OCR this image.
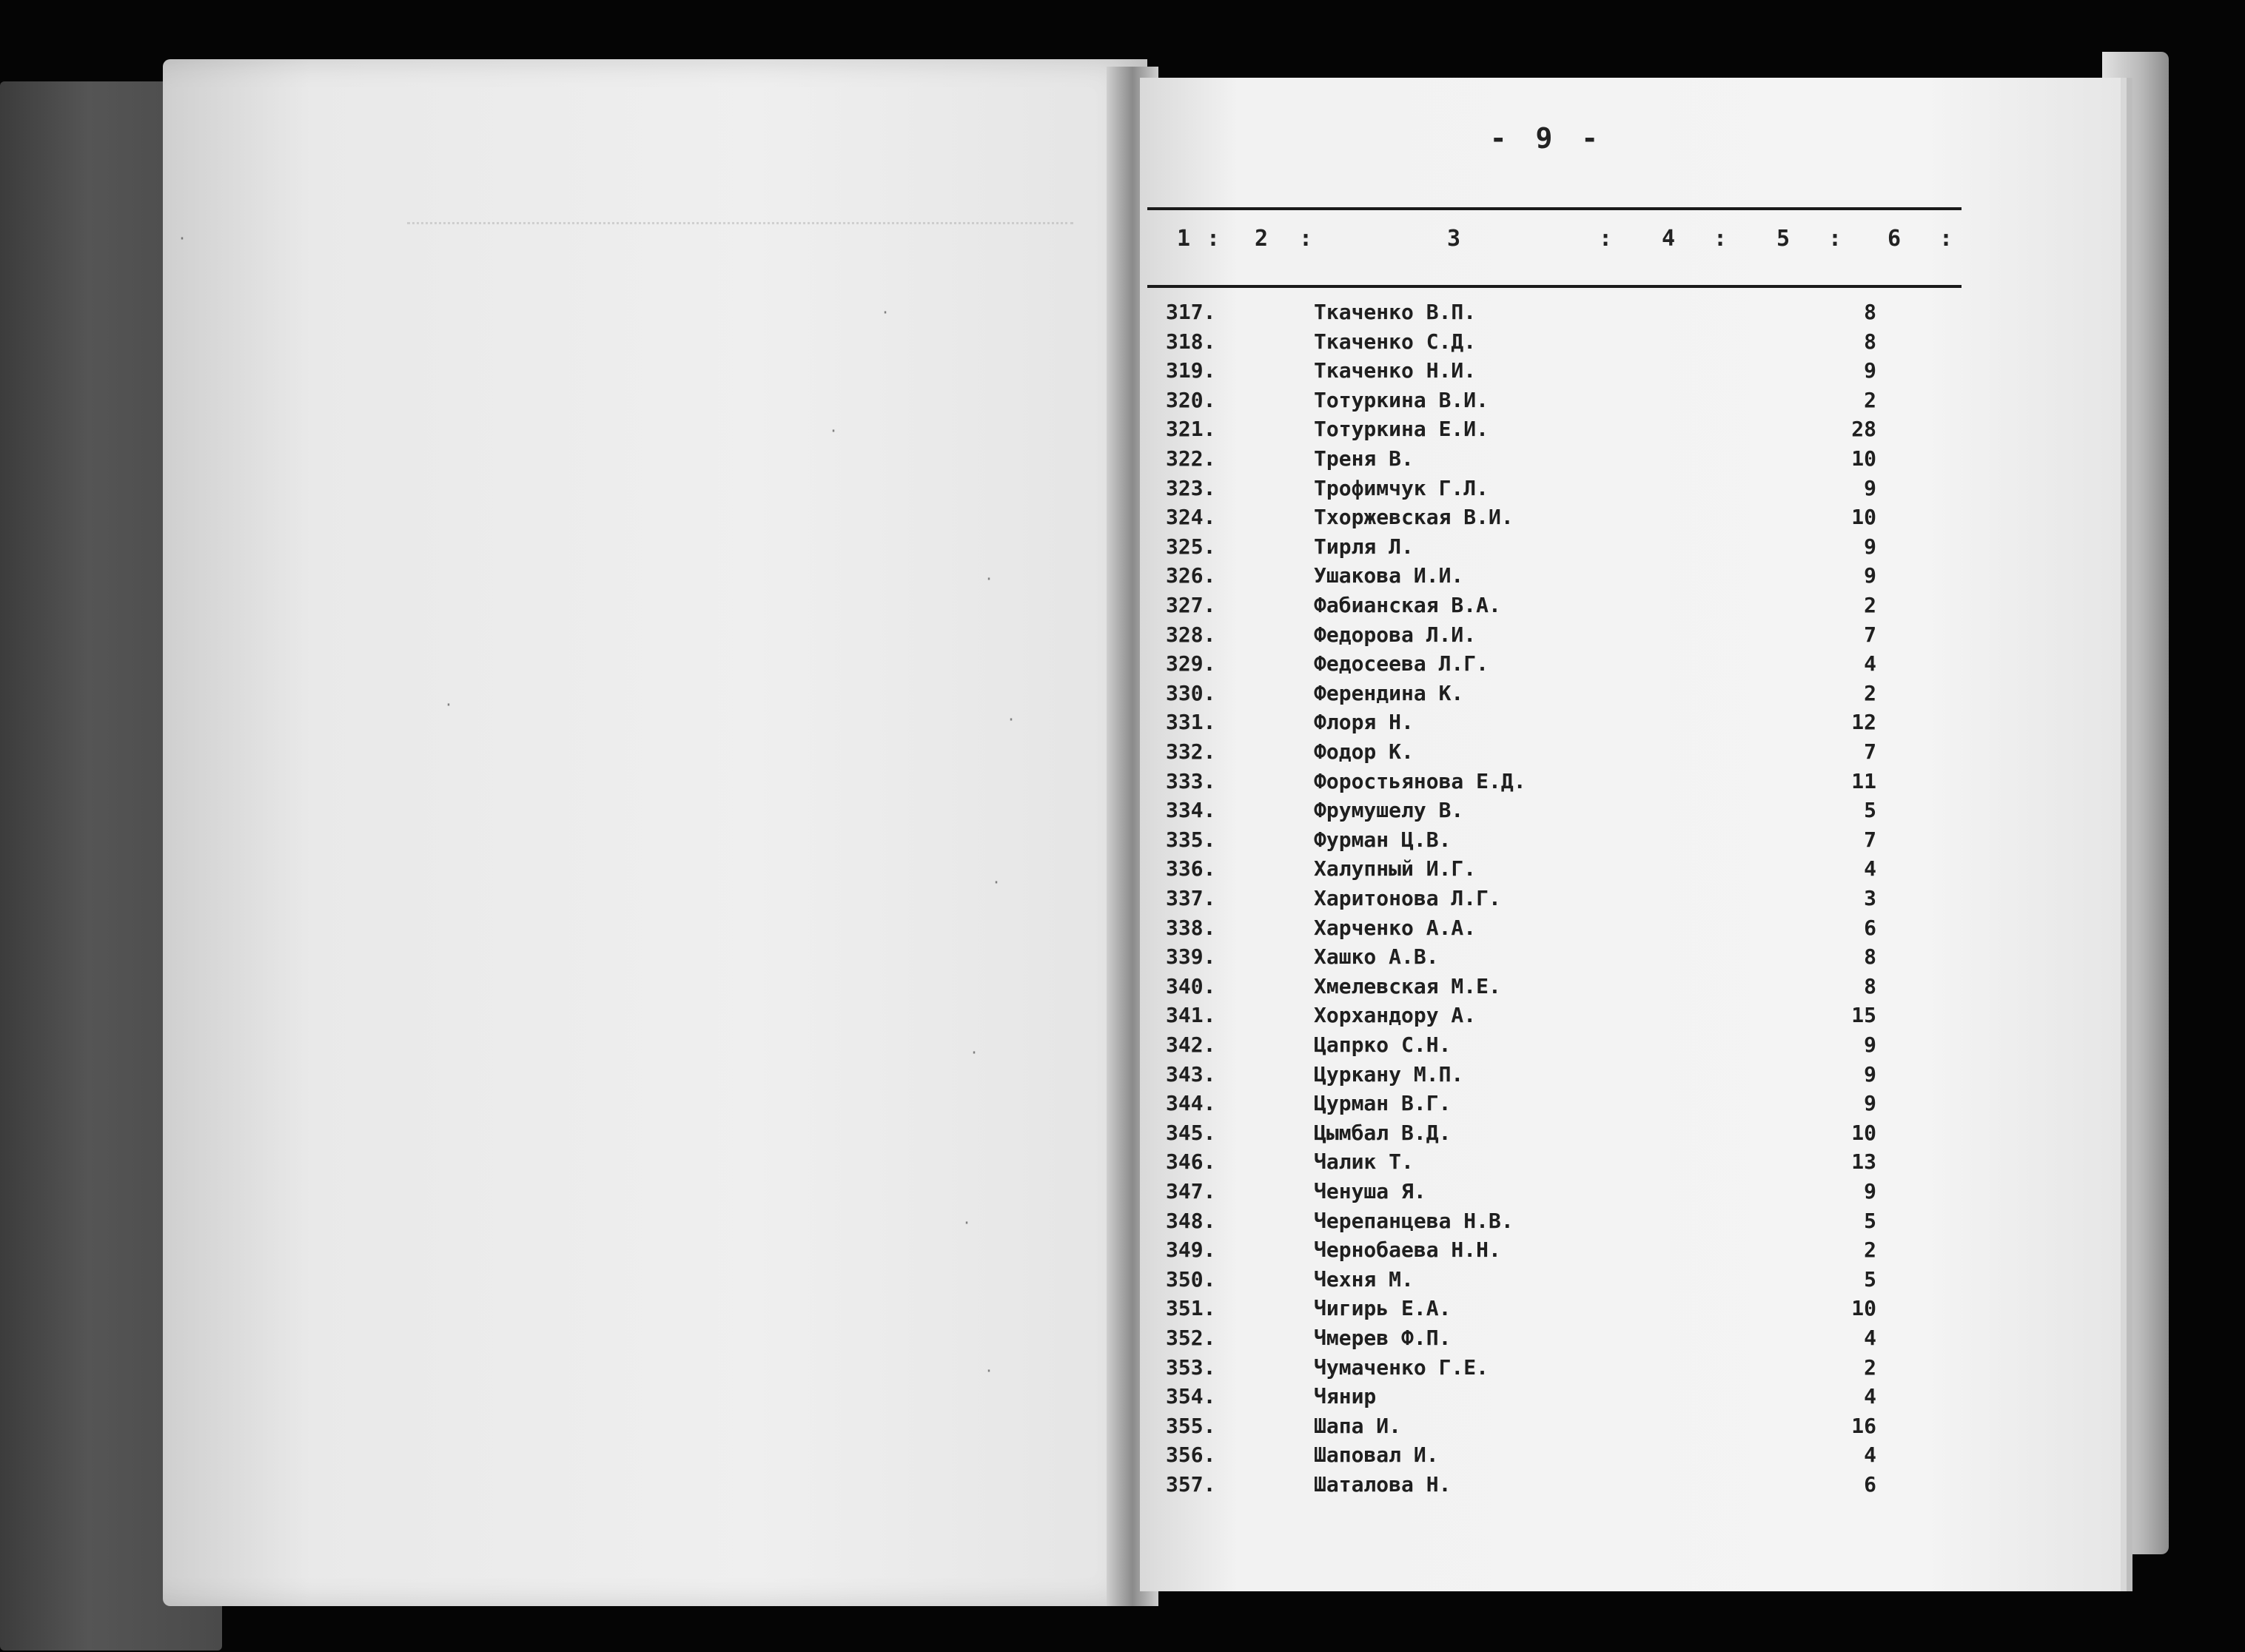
·
·
·
·
·
·
·
·
·
·
- 9 -
1 : 2 :	3	: 4 : 5 : 6 :
317.	Ткаченко В.П.	8
318.	Ткаченко С.Д.	8
319.	Ткаченко Н.И.	9
320.	Тотуркина В.И.	2
321.	Тотуркина Е.И.	28
322.	Треня В.	10
323.	Трофимчук Г.Л.	9
324.	Тхоржевская В.И.	10
325.	Тирля Л.	9
326.	Ушакова И.И.	9
327.	Фабианская В.А.	2
328.	Федорова Л.И.	7
329.	Федосеева Л.Г.	4
330.	Ферендина К.	2
331.	Флоря Н.	12
332.	Фодор К.	7
333.	Форостьянова Е.Д.	11
334.	Фрумушелу В.	5
335.	Фурман Ц.В.	7
336.	Халупный И.Г.	4
337.	Харитонова Л.Г.	3
338.	Харченко А.А.	6
339.	Хашко А.В.	8
340.	Хмелевская М.Е.	8
341.	Хорхандору А.	15
342.	Цапрко С.Н.	9
343.	Цуркану М.П.	9
344.	Цурман В.Г.	9
345.	Цымбал В.Д.	10
346.	Чалик Т.	13
347.	Ченуша Я.	9
348.	Черепанцева Н.В.	5
349.	Чернобаева Н.Н.	2
350.	Чехня М.	5
351.	Чигирь Е.А.	10
352.	Чмерев Ф.П.	4
353.	Чумаченко Г.Е.	2
354.	Чянир	4
355.	Шапа И.	16
356.	Шаповал И.	4
357.	Шаталова Н.	6
